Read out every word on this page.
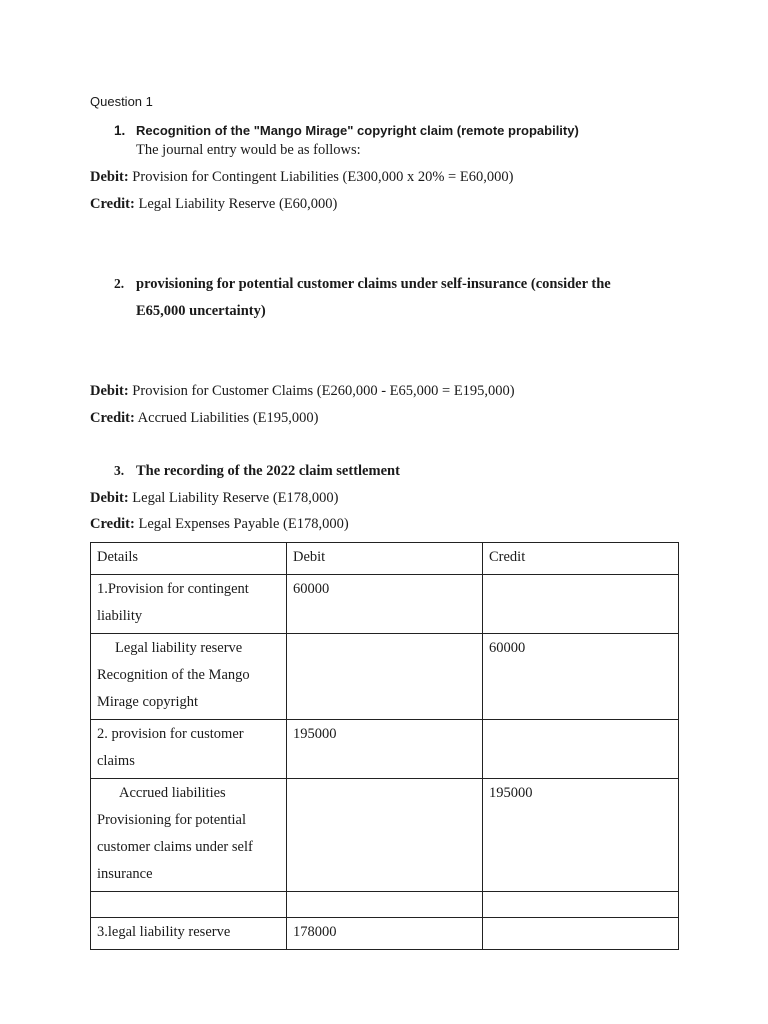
Question 1
1. Recognition of the "Mango Mirage" copyright claim (remote propability)
The journal entry would be as follows:
Debit: Provision for Contingent Liabilities (E300,000 x 20% = E60,000)
Credit: Legal Liability Reserve (E60,000)
2. provisioning for potential customer claims under self-insurance (consider the
E65,000 uncertainty)
Debit: Provision for Customer Claims (E260,000 - E65,000 = E195,000)
Credit: Accrued Liabilities (E195,000)
3. The recording of the 2022 claim settlement
Debit: Legal Liability Reserve (E178,000)
Credit: Legal Expenses Payable (E178,000)
Details	Debit	Credit

1.Provision for contingent
liability	60000	

Legal liability reserve
Recognition of the Mango
Mirage copyright		60000

2. provision for customer
claims	195000	

Accrued liabilities
Provisioning for potential
customer claims under self
insurance		195000

3.legal liability reserve	178000	
